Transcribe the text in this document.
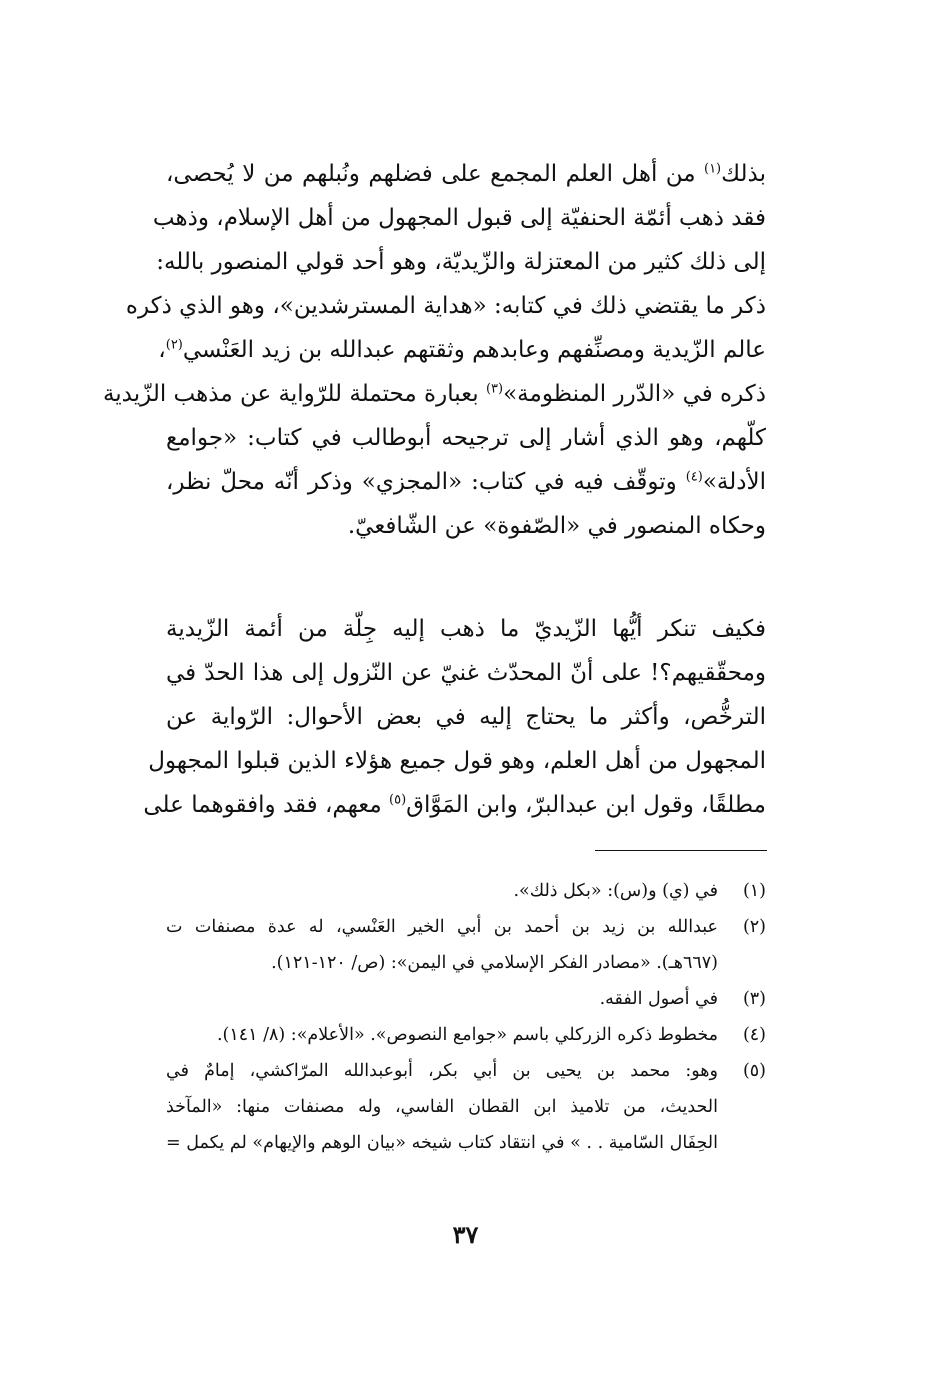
بذلك$^{(١)}$ من أهل العلم المجمع على فضلهم ونُبلهم من لا يُحصى،
فقد ذهب أئمّة الحنفيّة إلى قبول المجهول من أهل الإسلام، وذهب
إلى ذلك كثير من المعتزلة والزّيديّة، وهو أحد قولي المنصور بالله:
ذكر ما يقتضي ذلك في كتابه: «هداية المسترشدين»، وهو الذي ذكره
عالم الزّيدية ومصنِّفهم وعابدهم وثقتهم عبدالله بن زيد العَنْسي$^{(٢)}$،
ذكره في «الدّرر المنظومة»$^{(٣)}$ بعبارة محتملة للرّواية عن مذهب الزّيدية
كلّهم، وهو الذي أشار إلى ترجيحه أبوطالب في كتاب: «جوامع
الأدلة»$^{(٤)}$ وتوقّف فيه في كتاب: «المجزي» وذكر أنّه محلّ نظر،
وحكاه المنصور في «الصّفوة» عن الشّافعيّ.
فكيف تنكر أيُّها الزّيديّ ما ذهب إليه جِلّة من أئمة الزّيدية
ومحقّقيهم؟! على أنّ المحدّث غنيّ عن النّزول إلى هذا الحدّ في
الترخُّص، وأكثر ما يحتاج إليه في بعض الأحوال: الرّواية عن
المجهول من أهل العلم، وهو قول جميع هؤلاء الذين قبلوا المجهول
مطلقًا، وقول ابن عبدالبرّ، وابن المَوَّاق$^{(٥)}$ معهم، فقد وافقوهما على
(١)
في (ي) و(س): «بكل ذلك».
(٢)
عبدالله بن زيد بن أحمد بن أبي الخير العَنْسي، له عدة مصنفات ت
(٦٦٧هـ). «مصادر الفكر الإسلامي في اليمن»: (ص/ ١٢٠-١٢١).
(٣)
في أصول الفقه.
(٤)
مخطوط ذكره الزركلي باسم «جوامع النصوص». «الأعلام»: (٨/ ١٤١).
(٥)
وهو: محمد بن يحيى بن أبي بكر، أبوعبدالله المرّاكشي، إمامٌ في
الحديث، من تلاميذ ابن القطان الفاسي، وله مصنفات منها: «المآخذ
الحِفَال السّامية . . » في انتقاد كتاب شيخه «بيان الوهم والإيهام» لم يكمل =
٣٧
